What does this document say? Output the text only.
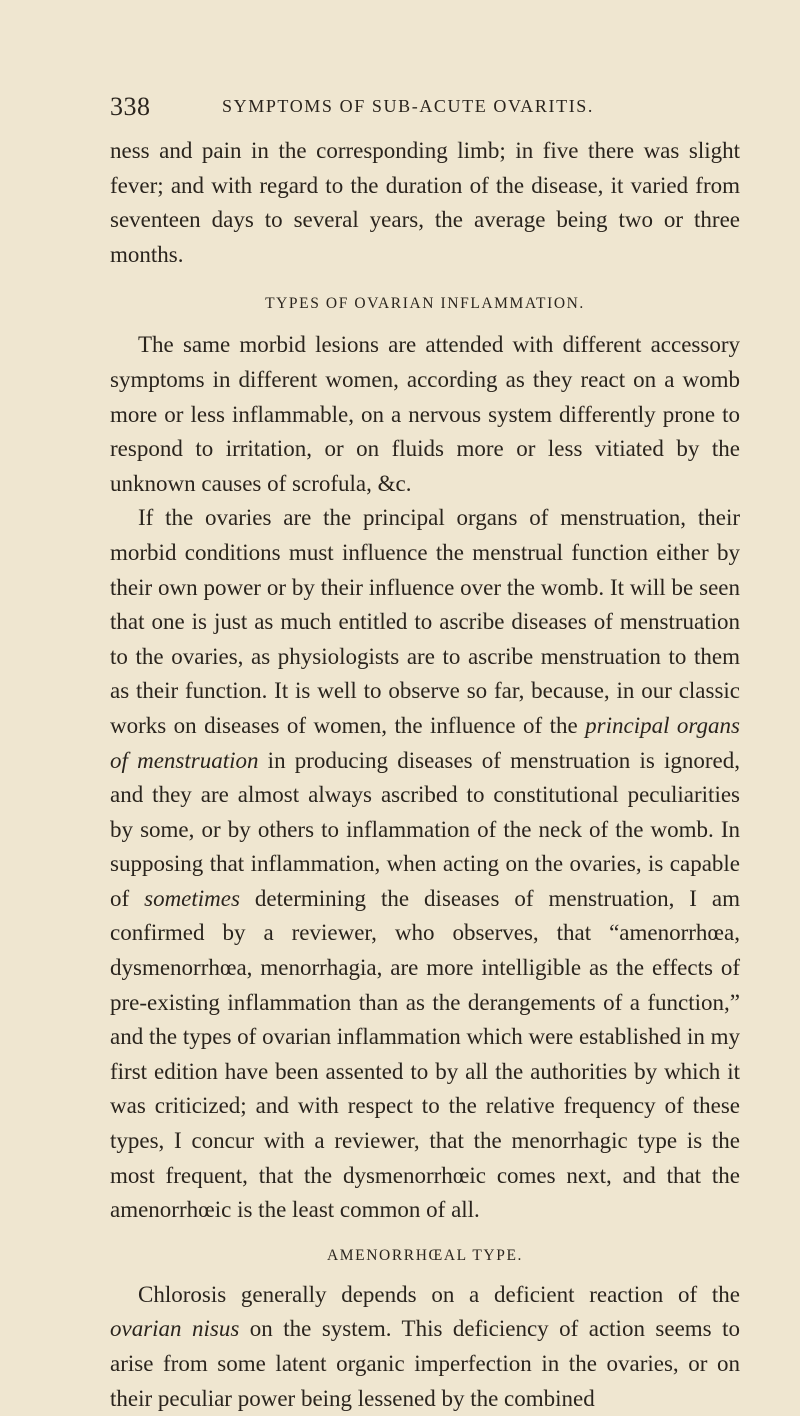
338	SYMPTOMS OF SUB-ACUTE OVARITIS.

ness and pain in the corresponding limb; in five there was slight fever; and with regard to the duration of the disease, it varied from seventeen days to several years, the average being two or three months.

TYPES OF OVARIAN INFLAMMATION.

The same morbid lesions are attended with different accessory symptoms in different women, according as they react on a womb more or less inflammable, on a nervous system differently prone to respond to irritation, or on fluids more or less vitiated by the unknown causes of scrofula, &c.

If the ovaries are the principal organs of menstruation, their morbid conditions must influence the menstrual function either by their own power or by their influence over the womb. It will be seen that one is just as much entitled to ascribe diseases of menstruation to the ovaries, as physiologists are to ascribe menstruation to them as their function. It is well to observe so far, because, in our classic works on diseases of women, the influence of the principal organs of menstruation in producing diseases of menstruation is ignored, and they are almost always ascribed to constitutional peculiarities by some, or by others to inflammation of the neck of the womb. In supposing that inflammation, when acting on the ovaries, is capable of sometimes determining the diseases of menstruation, I am confirmed by a reviewer, who observes, that “amenorrhœa, dysmenorrhœa, menorrhagia, are more intelligible as the effects of pre-existing inflammation than as the derangements of a function,” and the types of ovarian inflammation which were established in my first edition have been assented to by all the authorities by which it was criticized; and with respect to the relative frequency of these types, I concur with a reviewer, that the menorrhagic type is the most frequent, that the dysmenorrhœic comes next, and that the amenorrhœic is the least common of all.

AMENORRHŒAL TYPE.

Chlorosis generally depends on a deficient reaction of the ovarian nisus on the system. This deficiency of action seems to arise from some latent organic imperfection in the ovaries, or on their peculiar power being lessened by the combined
